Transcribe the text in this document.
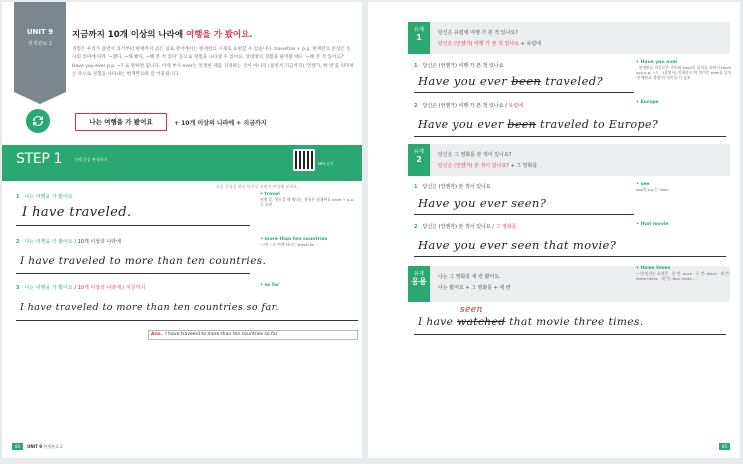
UNIT 9
현재완료 2
지금까지 10개 이상의 나라에 여행을 가 봤어요.
경험은 우리가 살면서 과거부터 현재까지 겪은 일로 영어에서는 현재완료 시제로 표현할 수 있습니다. have/has + p.p. 현재완료 문장은 동사의 의미에 따라 '~했다, ~해 봤다, ~해 본 적 있다' 등으로 경험을 나타낼 수 있어요. 상대방의 경험을 물어볼 때도 '~해 본 적 있어요?' Have you ever p.p. ~? 로 말하면 됩니다. 이때 부사 ever는 특정한 때를 지정하는 것이 아니라 (살면서 지금까지) '언젠가, 한 번'을 의미하는 뜻으로 경험을 나타내는 현재완료와 잘 어울립니다.
나는 여행을 가 봤어요	+ 10개 이상의 나라에 + 지금까지
STEP 1	전체 문장 완성하기
MP3 듣기
다음 문장을 하나 단어를 보면서 완성해 보세요.
1 나는 여행을 가 봤어요
I have traveled.
• travel
여행 일, 행동을 해 봤다는 경험은 현재완료 have + p.p.로 표현
2 나는 여행을 가 봤어요 / 10개 이상의 나라에
I have traveled to more than ten countries.
• more than ten countries
'~에 ~로 여행'하다는 travel to ~
3 나는 여행을 가 봤어요 / 10개 이상의 나라에 / 지금까지
I have traveled to more than ten countries so far.
• so far
Ans. I have traveled to more than ten countries so far.
84 UNIT 9 현재완료 2
유제
1	당신은 유럽에 여행 가 본 적 있나요?
당신은 (언젠가) 여행 가 본 적 있나요 + 유럽에
1 당신은 (언젠가) 여행 가 본 적 있나요
Have you ever been traveled?
• Have you ever
- 현재완료 의문문은 주어와 have의 위치를 바꿔서 Have you p.p. ~? - '(살면서) 언제라도'의 의미인 ever를 넣어 '현재완료 경험'의 의미를 더 강조
2 당신은 (언젠가) 여행 가 본 적 있나요 / 유럽에
Have you ever been traveled to Europe?
• Europe
유제
2	당신은 그 영화를 본 적이 있나요?
당신은 (언젠가) 본 적이 있나요? + 그 영화를
1 당신은 (언젠가) 본 적이 있나요
Have you ever seen?
• see
see의 p.p.는 seen
2 당신은 (언젠가) 본 적이 있나요 / 그 영화를
Have you ever seen that movie?
• that movie
유제
응용	나는 그 영화를 세 번 봤어요.
나는 봤어요 + 그 영화를 + 세 번
• three times
'~번'이라는 표현은 · 한 번: once · 두 번: twice · 세 번: three times · 네 번: four times ...
seen
I have watched that movie three times.
85
